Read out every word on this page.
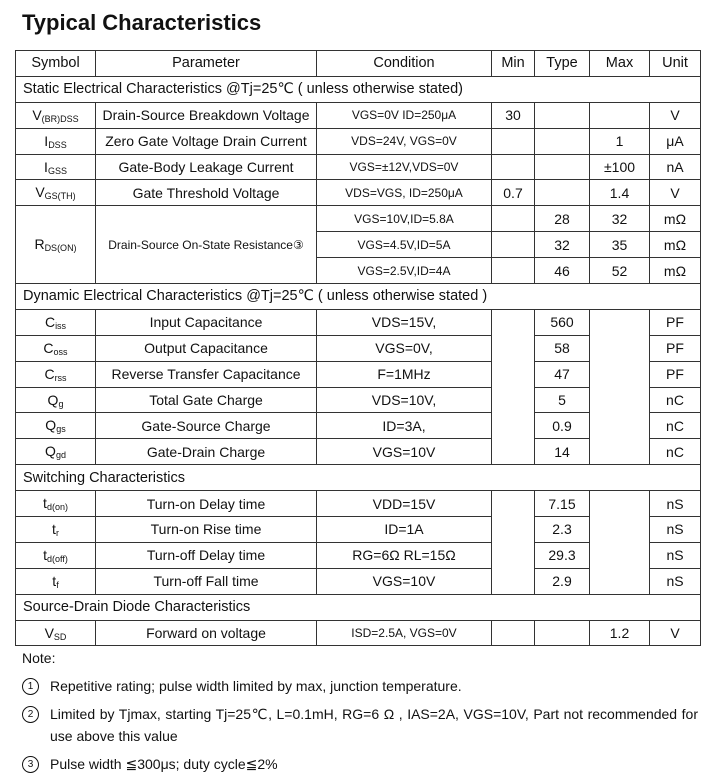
Typical Characteristics
Symbol	Parameter	Condition	Min	Type	Max	Unit
Static Electrical Characteristics @Tj=25℃ ( unless otherwise stated)						
$V_{(BR)DSS}$	Drain-Source Breakdown Voltage	VGS=0V ID=250μA	30			V
$I_{DSS}$	Zero Gate Voltage Drain Current	VDS=24V, VGS=0V			1	μA
$I_{GSS}$	Gate-Body Leakage Current	VGS=±12V,VDS=0V			±100	nA
$V_{GS(TH)}$	Gate Threshold Voltage	VDS=VGS, ID=250μA	0.7		1.4	V
$R_{DS(ON)}$	Drain-Source On-State Resistance③	VGS=10V,ID=5.8A		28	32	mΩ
		VGS=4.5V,ID=5A		32	35	mΩ
		VGS=2.5V,ID=4A		46	52	mΩ
Dynamic Electrical Characteristics @Tj=25℃ ( unless otherwise stated )						
$C_{iss}$	Input Capacitance	VDS=15V,		560		PF
$C_{oss}$	Output Capacitance	VGS=0V,		58		PF
$C_{rss}$	Reverse Transfer Capacitance	F=1MHz		47		PF
$Q_g$	Total Gate Charge	VDS=10V,		5		nC
$Q_{gs}$	Gate-Source Charge	ID=3A,		0.9		nC
$Q_{gd}$	Gate-Drain Charge	VGS=10V		14		nC
Switching Characteristics						
$t_{d(on)}$	Turn-on Delay time	VDD=15V		7.15		nS
$t_r$	Turn-on Rise time	ID=1A		2.3		nS
$t_{d(off)}$	Turn-off Delay time	RG=6Ω RL=15Ω		29.3		nS
$t_f$	Turn-off Fall time	VGS=10V		2.9		nS
Source-Drain Diode Characteristics						
$V_{SD}$	Forward on voltage	ISD=2.5A, VGS=0V			1.2	V
Note:
1	Repetitive rating; pulse width limited by max, junction temperature.
2	Limited by Tjmax, starting Tj=25℃, L=0.1mH, RG=6 Ω , IAS=2A, VGS=10V, Part not recommended for use above this value
3	Pulse width ≦300μs; duty cycle≦2%
